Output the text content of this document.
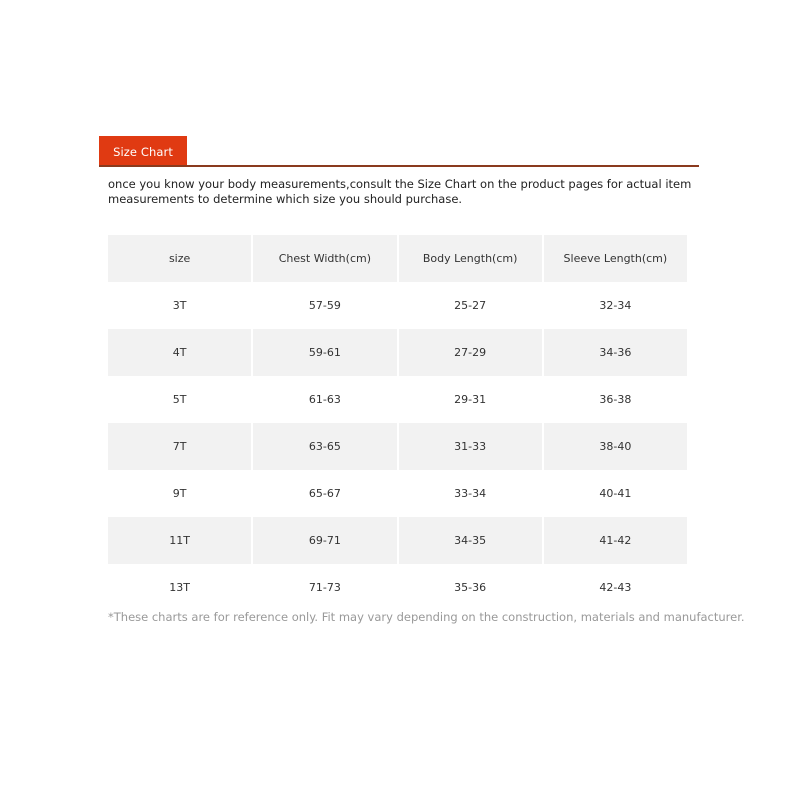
Size Chart

once you know your body measurements,consult the Size Chart on the product pages for actual item measurements to determine which size you should purchase.

size	Chest Width(cm)	Body Length(cm)	Sleeve Length(cm)
3T	57-59	25-27	32-34
4T	59-61	27-29	34-36
5T	61-63	29-31	36-38
7T	63-65	31-33	38-40
9T	65-67	33-34	40-41
11T	69-71	34-35	41-42
13T	71-73	35-36	42-43

*These charts are for reference only. Fit may vary depending on the construction, materials and manufacturer.
